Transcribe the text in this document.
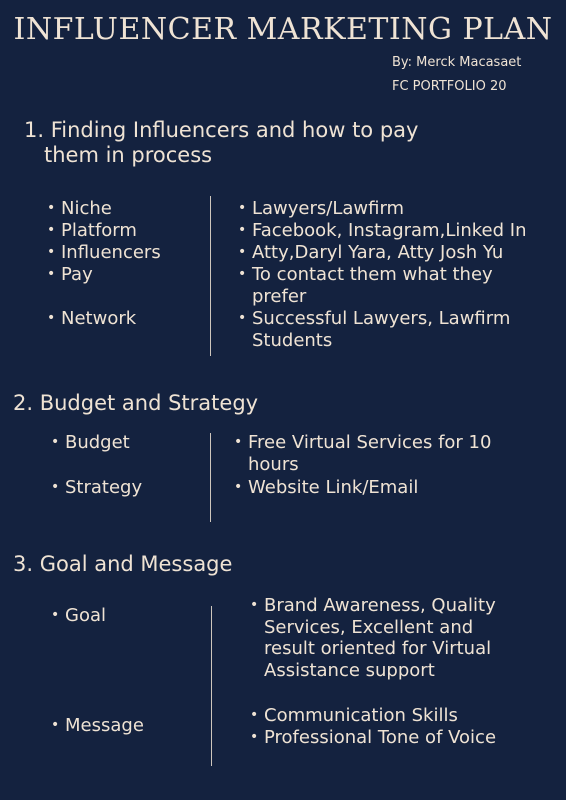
INFLUENCER MARKETING PLAN
By: Merck Macasaet
FC PORTFOLIO 20
1. Finding Influencers and how to pay
them in process
• Niche
• Platform
• Influencers
• Pay
• Network
• Lawyers/Lawfirm
• Facebook, Instagram,Linked In
• Atty,Daryl Yara, Atty Josh Yu
• To contact them what they
prefer
• Successful Lawyers, Lawfirm
Students
2. Budget and Strategy
• Budget
• Strategy
• Free Virtual Services for 10
hours
• Website Link/Email
3. Goal and Message
• Goal
• Message
• Brand Awareness, Quality
Services, Excellent and
result oriented for Virtual
Assistance support
• Communication Skills
• Professional Tone of Voice
